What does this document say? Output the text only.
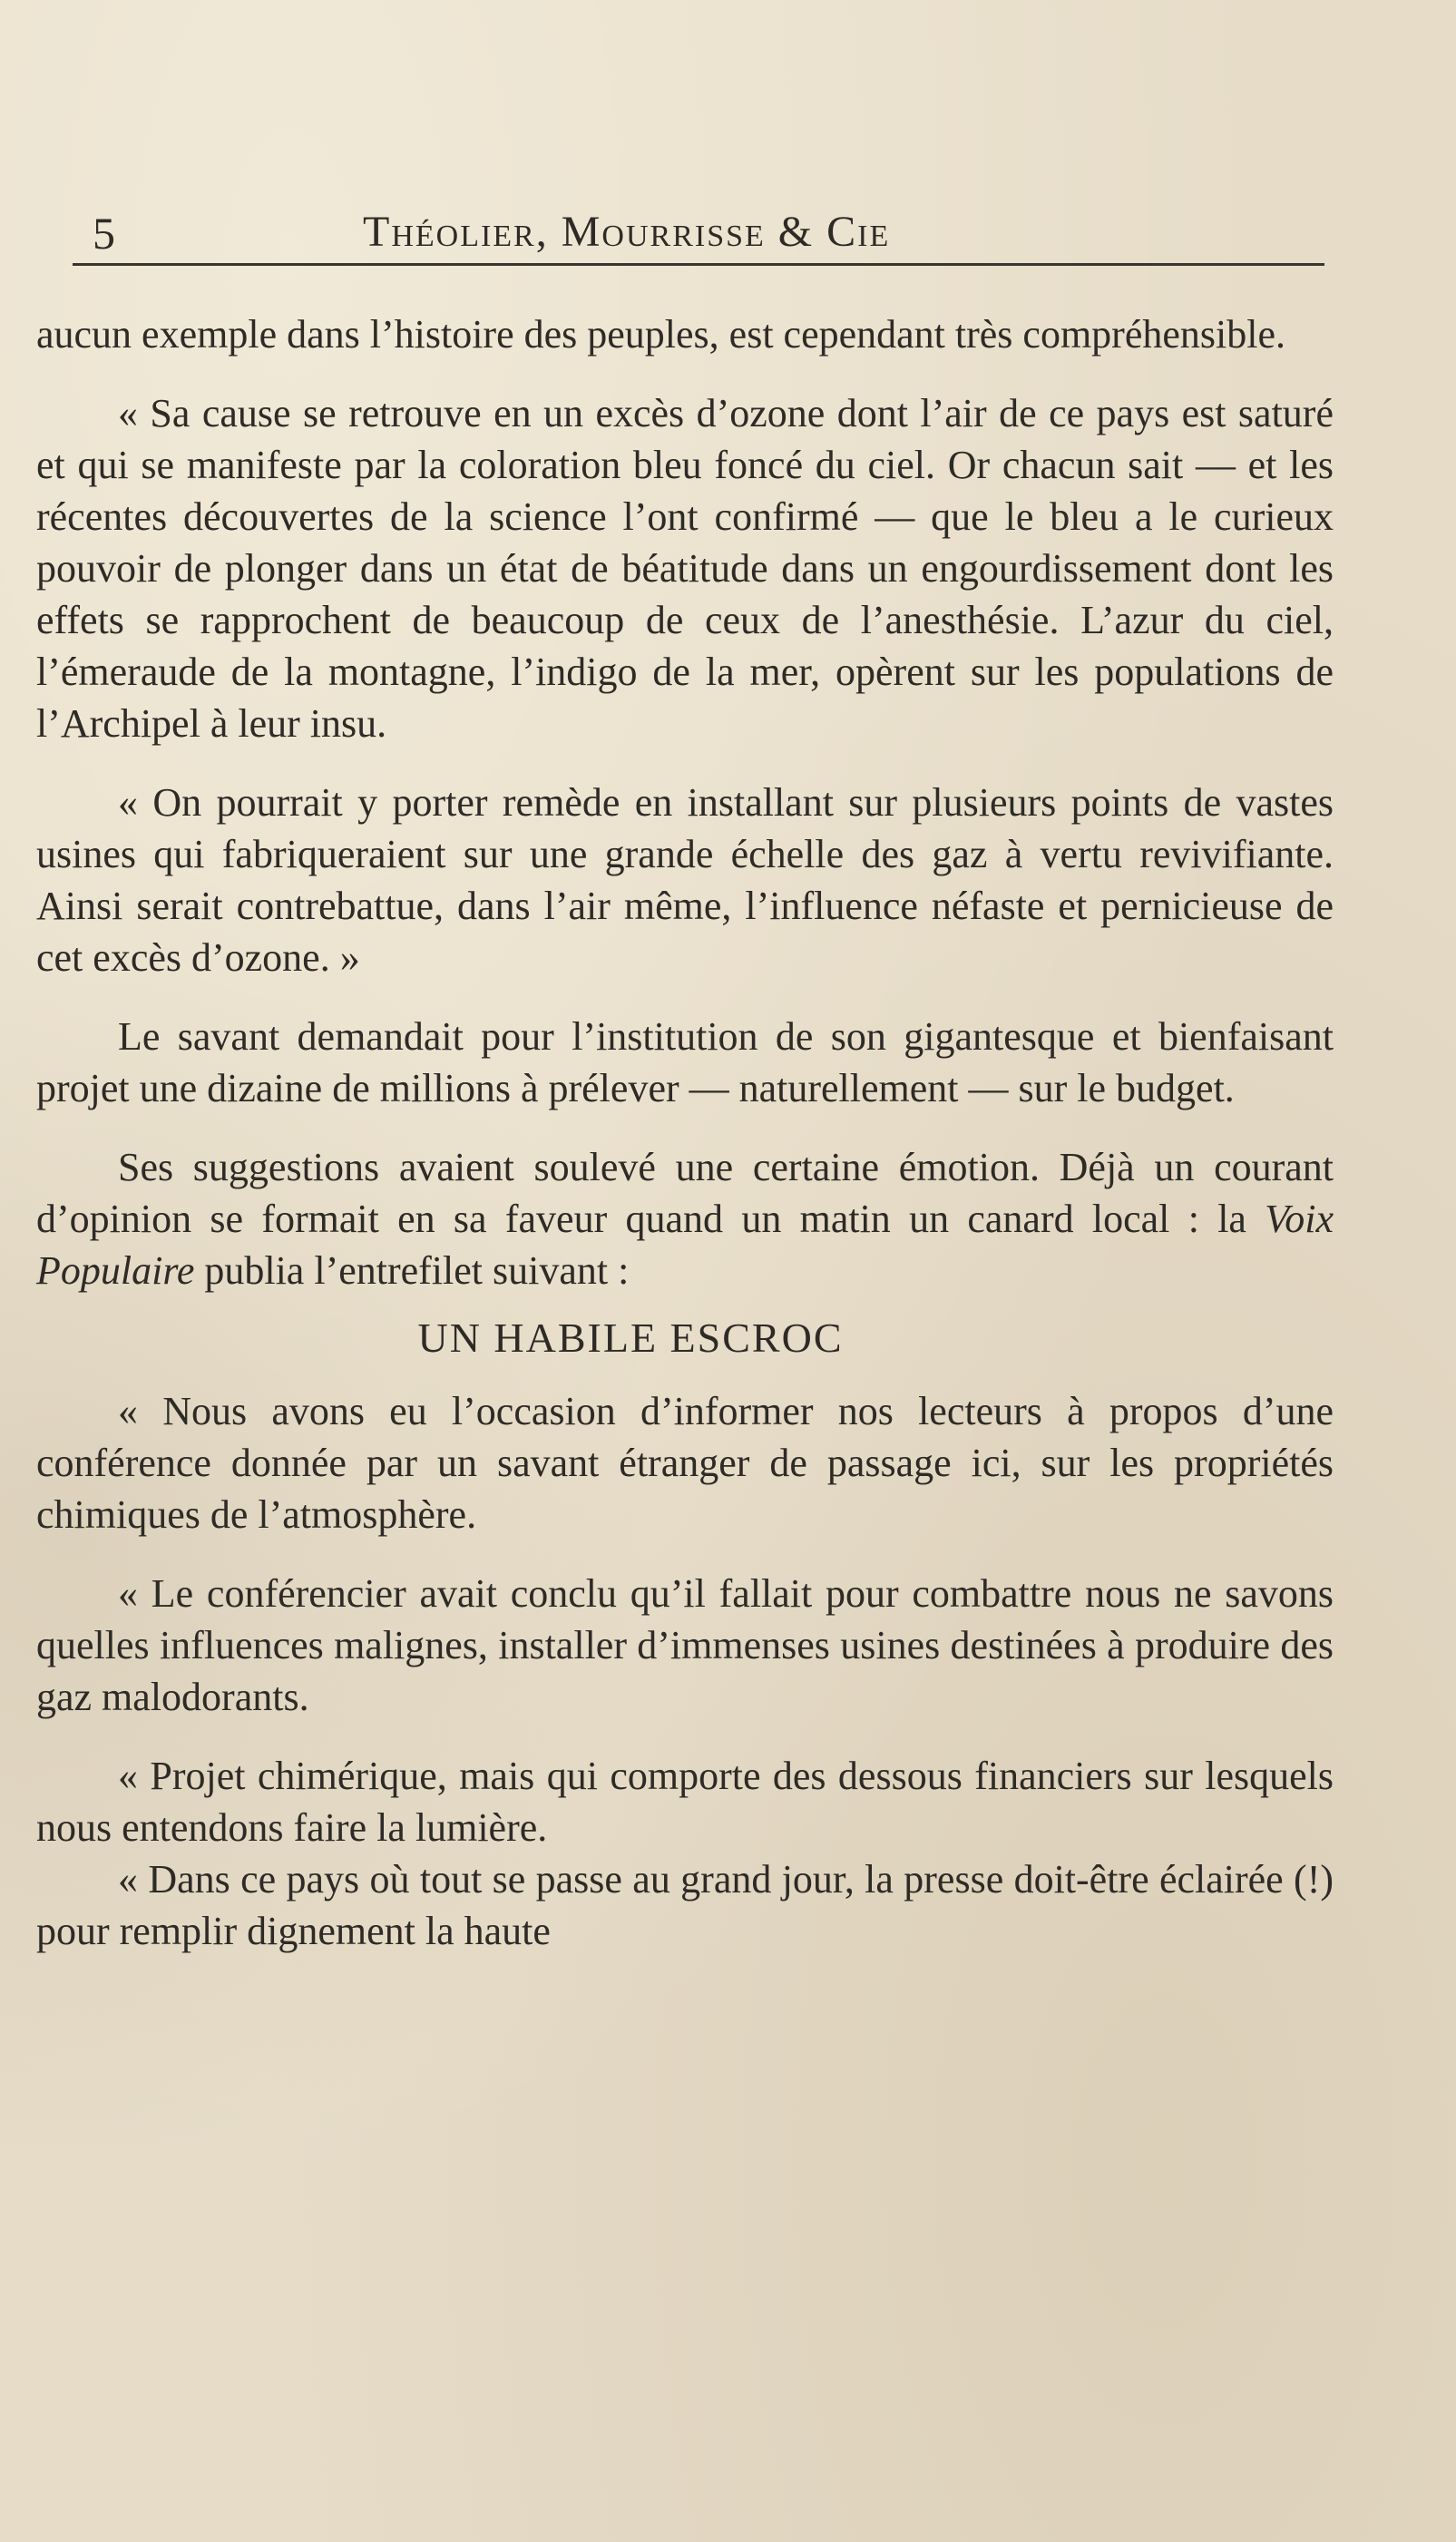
5	Théolier, Mourrisse & Cie

aucun exemple dans l’histoire des peuples, est cependant très compréhensible.

« Sa cause se retrouve en un excès d’ozone dont l’air de ce pays est saturé et qui se manifeste par la coloration bleu foncé du ciel. Or chacun sait — et les récentes découvertes de la science l’ont confirmé — que le bleu a le curieux pouvoir de plonger dans un état de béatitude dans un engourdissement dont les effets se rapprochent de beaucoup de ceux de l’anesthésie. L’azur du ciel, l’émeraude de la montagne, l’indigo de la mer, opèrent sur les populations de l’Archipel à leur insu.

« On pourrait y porter remède en installant sur plusieurs points de vastes usines qui fabriqueraient sur une grande échelle des gaz à vertu revivifiante. Ainsi serait contrebattue, dans l’air même, l’influence néfaste et pernicieuse de cet excès d’ozone. »

Le savant demandait pour l’institution de son gigantesque et bienfaisant projet une dizaine de millions à prélever — naturellement — sur le budget.

Ses suggestions avaient soulevé une certaine émotion. Déjà un courant d’opinion se formait en sa faveur quand un matin un canard local : la Voix Populaire publia l’entrefilet suivant :

UN HABILE ESCROC

« Nous avons eu l’occasion d’informer nos lecteurs à propos d’une conférence donnée par un savant étranger de passage ici, sur les propriétés chimiques de l’atmosphère.

« Le conférencier avait conclu qu’il fallait pour combattre nous ne savons quelles influences malignes, installer d’immenses usines destinées à produire des gaz malodorants.

« Projet chimérique, mais qui comporte des dessous financiers sur lesquels nous entendons faire la lumière.

« Dans ce pays où tout se passe au grand jour, la presse doit-être éclairée (!) pour remplir dignement la haute
